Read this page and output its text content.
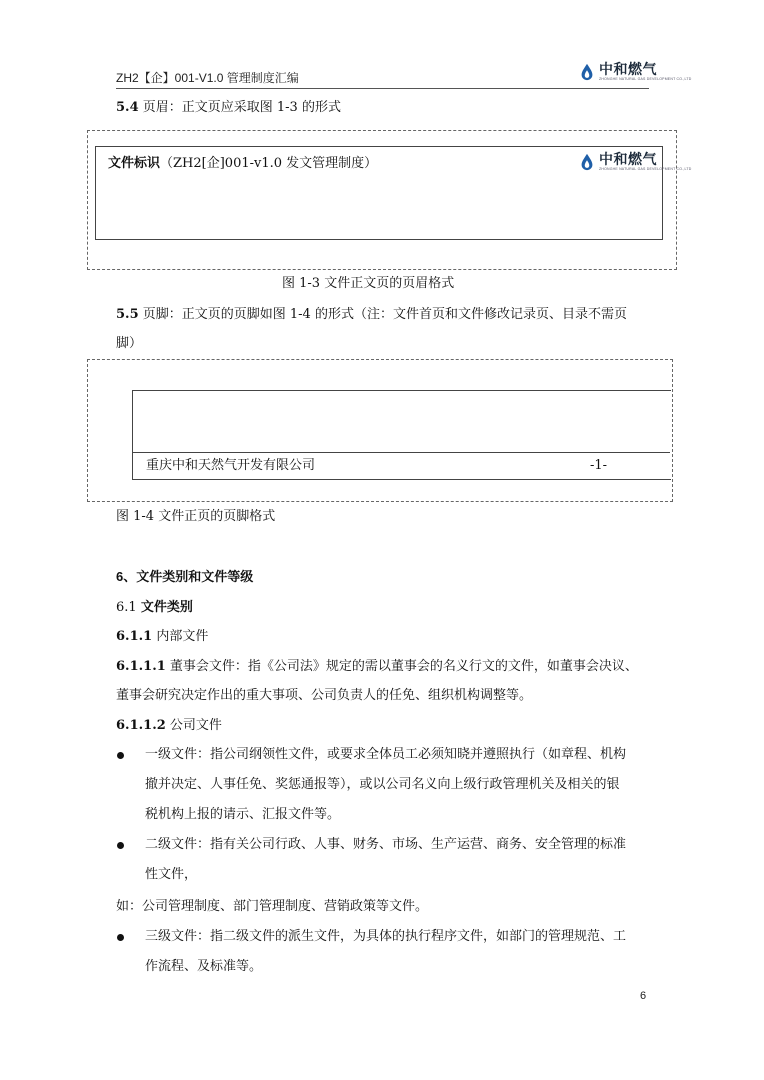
ZH2【企】001-V1.0 管理制度汇编
中和燃气
ZHONGHE NATURAL GAS DEVELOPMENT CO.,LTD
5.4 页眉：正文页应采取图 1-3 的形式
文件标识（ZH2[企]001-v1.0 发文管理制度）	中和燃气
ZHONGHE NATURAL GAS DEVELOPMENT CO.,LTD
图 1-3 文件正文页的页眉格式
5.5 页脚：正文页的页脚如图 1-4 的形式（注：文件首页和文件修改记录页、目录不需页
脚）
重庆中和天然气开发有限公司	-1-
图 1-4 文件正页的页脚格式
6、文件类别和文件等级
6.1 文件类别
6.1.1 内部文件
6.1.1.1 董事会文件：指《公司法》规定的需以董事会的名义行文的文件，如董事会决议、
董事会研究决定作出的重大事项、公司负责人的任免、组织机构调整等。
6.1.1.2 公司文件
一级文件：指公司纲领性文件，或要求全体员工必须知晓并遵照执行（如章程、机构
撤并决定、人事任免、奖惩通报等），或以公司名义向上级行政管理机关及相关的银
税机构上报的请示、汇报文件等。
二级文件：指有关公司行政、人事、财务、市场、生产运营、商务、安全管理的标准
性文件，
如：公司管理制度、部门管理制度、营销政策等文件。
三级文件：指二级文件的派生文件，为具体的执行程序文件，如部门的管理规范、工
作流程、及标准等。
6
